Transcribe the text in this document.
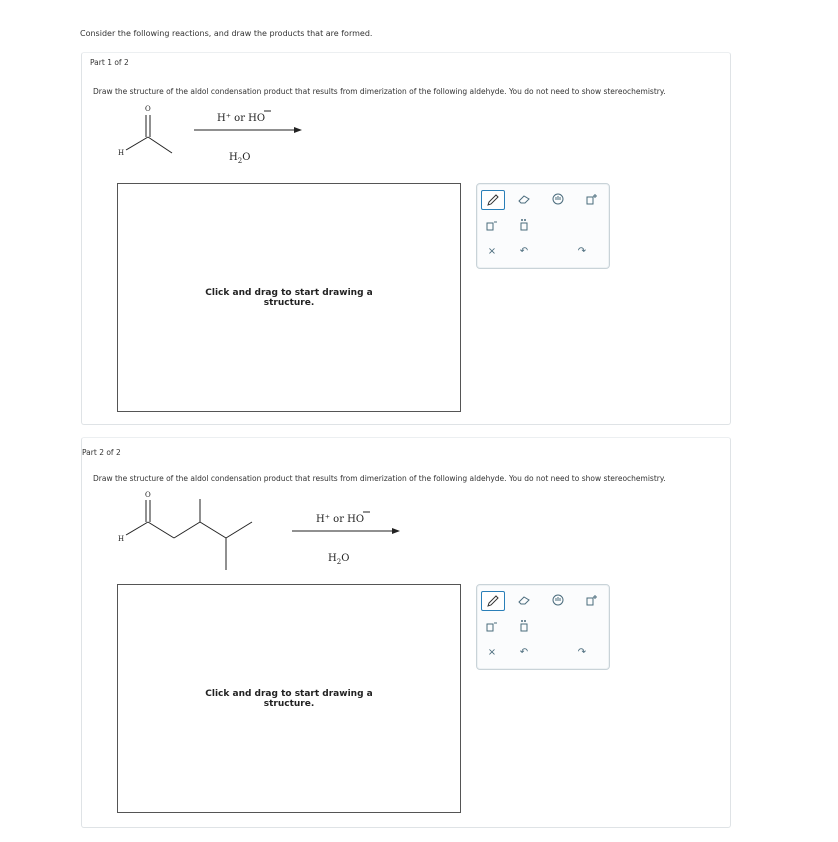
Consider the following reactions, and draw the products that are formed.
Part 1 of 2
Draw the structure of the aldol condensation product that results from dimerization of the following aldehyde. You do not need to show stereochemistry.
O
H
H⁺ or HO
$H_2O$
Click and drag to start drawing a
structure.
×	↶	↷
Part 2 of 2
Draw the structure of the aldol condensation product that results from dimerization of the following aldehyde. You do not need to show stereochemistry.
O
H
H⁺ or HO
$H_2O$
Click and drag to start drawing a
structure.
×	↶	↷
